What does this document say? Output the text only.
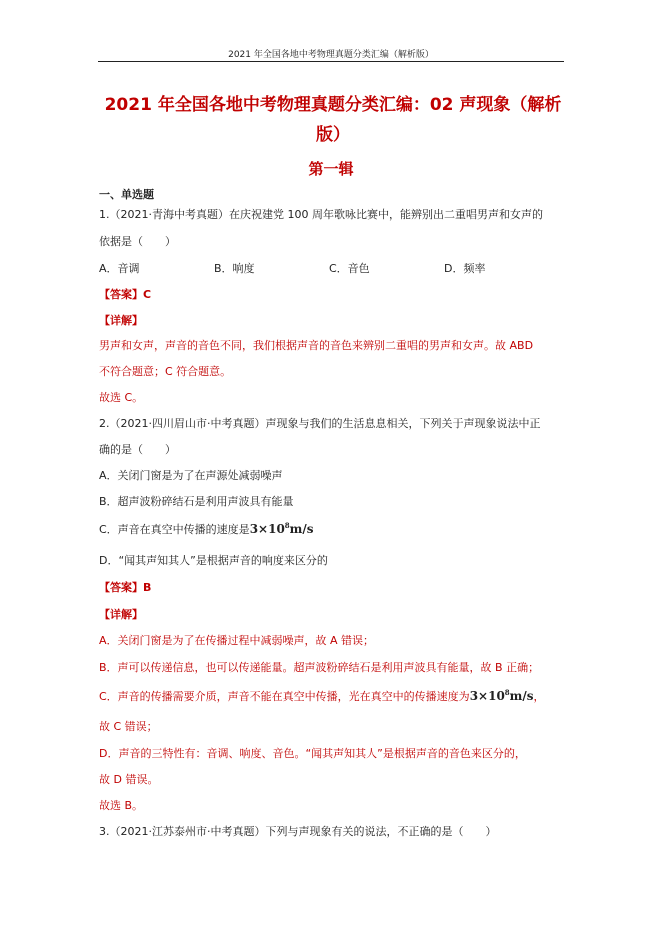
2021 年全国各地中考物理真题分类汇编（解析版）
2021 年全国各地中考物理真题分类汇编：02 声现象（解析
版）
第一辑
一、单选题
1.（2021·青海中考真题）在庆祝建党 100 周年歌咏比赛中，能辨别出二重唱男声和女声的
依据是（　　）
A．音调	B．响度	C．音色	D．频率
【答案】C
【详解】
男声和女声，声音的音色不同，我们根据声音的音色来辨别二重唱的男声和女声。故 ABD
不符合题意；C 符合题意。
故选 C。
2.（2021·四川眉山市·中考真题）声现象与我们的生活息息相关，下列关于声现象说法中正
确的是（　　）
A．关闭门窗是为了在声源处减弱噪声
B．超声波粉碎结石是利用声波具有能量
C．声音在真空中传播的速度是$3\times 10^8m/s$
D．“闻其声知其人”是根据声音的响度来区分的
【答案】B
【详解】
A．关闭门窗是为了在传播过程中减弱噪声，故 A 错误；
B．声可以传递信息，也可以传递能量。超声波粉碎结石是利用声波具有能量，故 B 正确；
C．声音的传播需要介质，声音不能在真空中传播，光在真空中的传播速度为$3\times 10^8m/s$，
故 C 错误；
D．声音的三特性有：音调、响度、音色。“闻其声知其人”是根据声音的音色来区分的，
故 D 错误。
故选 B。
3.（2021·江苏泰州市·中考真题）下列与声现象有关的说法，不正确的是（　　）
